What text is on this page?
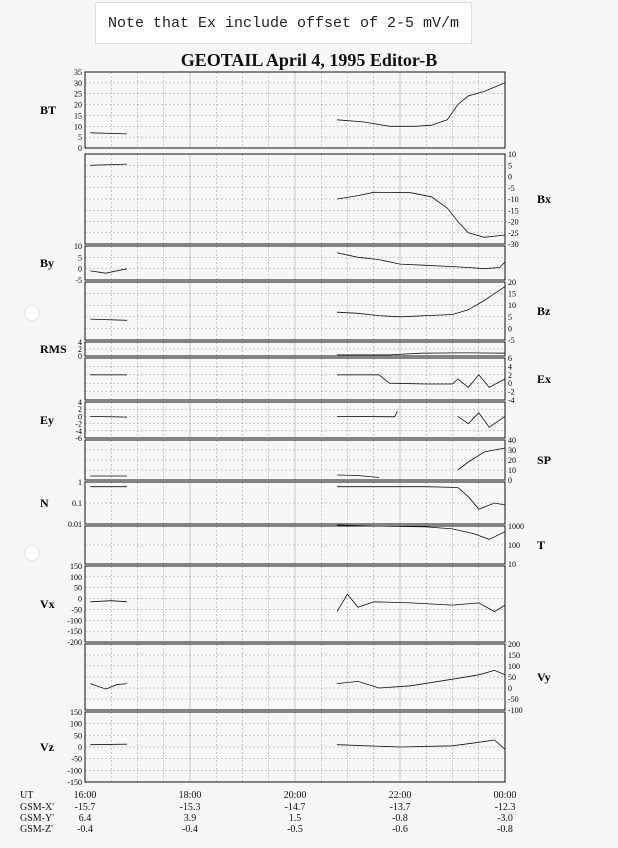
Note that Ex include offset of 2-5 mV/m
GEOTAIL April 4, 1995 Editor-B
35
30
25
20
15
10
5
0
BT
10
5
0
-5
-10
-15
-20
-25
-30
Bx
10
5
0
-5
By
20
15
10
5
0
-5
Bz
4
2
0
RMS
6
4
2
0
-2
-4
Ex
4
2
0
-2
-4
-6
Ey
40
30
20
10
0
SP
1
0.1
0.01
N
1000
100
10
T
150
100
50
0
-50
-100
-150
-200
Vx
200
150
100
50
0
-50
-100
Vy
150
100
50
0
-50
-100
-150
Vz
UT	16:00	18:00	20:00	22:00	00:00
GSM-X'	-15.7	-15.3	-14.7	-13.7	-12.3
GSM-Y'	6.4	3.9	1.5	-0.8	-3.0
GSM-Z'	-0.4	-0.4	-0.5	-0.6	-0.8
